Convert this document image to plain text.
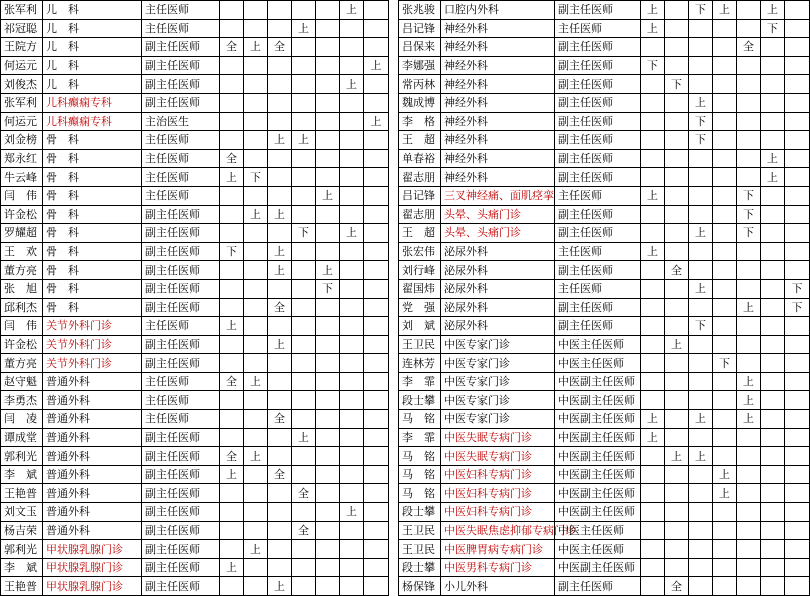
张军利	儿　科	主任医师						上			张兆骏	口腔内外科	副主任医师	上		下	上		上	
祁冠聪	儿　科	主任医师				上					吕记锋	神经外科	主任医师	上					下	
王院方	儿　科	副主任医师	全	上	全						吕保来	神经外科	副主任医师					全		
何运元	儿　科	副主任医师							上		李娜强	神经外科	副主任医师	下						
刘俊杰	儿　科	副主任医师						上			常丙林	神经外科	副主任医师		下					
张军利	儿科癫痫专科	副主任医师									魏成博	神经外科	副主任医师			上				
何运元	儿科癫痫专科	主治医生							上		李　格	神经外科	副主任医师			下				
刘金榜	骨　科	主任医师			上	上					王　超	神经外科	副主任医师			下				
郑永红	骨　科	主任医师	全								单春裕	神经外科	副主任医师						上	
牛云峰	骨　科	主任医师	上	下							翟志朋	神经外科	副主任医师						上	
闫　伟	骨　科	主任医师					上				吕记锋	三叉神经痛、面肌痉挛	主任医师	上				下		
许金松	骨　科	副主任医师		上	上						翟志朋	头晕、头痛门诊	副主任医师					下		
罗耀超	骨　科	副主任医师				下		上			王　超	头晕、头痛门诊	副主任医师			上		下		
王　欢	骨　科	副主任医师	下		上						张宏伟	泌尿外科	主任医师	上						
董方亮	骨　科	副主任医师			上		上				刘行峰	泌尿外科	副主任医师		全					
张　旭	骨　科	副主任医师					下				翟国炜	泌尿外科	主任医师			上				下
邱利杰	骨　科	副主任医师			全						党　强	泌尿外科	副主任医师					上		下
闫　伟	关节外科门诊	主任医师	上								刘　斌	泌尿外科	副主任医师			下				
许金松	关节外科门诊	副主任医师			上						王卫民	中医专家门诊	中医主任医师		上					
董方亮	关节外科门诊	副主任医师									连林芳	中医专家门诊	中医主任医师				下			
赵守魁	普通外科	主任医师	全	上							李　霏	中医专家门诊	中医副主任医师					上		
李勇杰	普通外科	主任医师									段士攀	中医专家门诊	中医副主任医师					上		
闫　凌	普通外科	主任医师			全						马　铭	中医专家门诊	中医副主任医师	上		上		上		
谭成堂	普通外科	副主任医师				上					李　霏	中医失眠专病门诊	中医副主任医师	上						
郭利光	普通外科	副主任医师	全	上							马　铭	中医失眠专病门诊	中医副主任医师		上	上				
李　斌	普通外科	副主任医师	上		全						马　铭	中医妇科专病门诊	中医副主任医师				上			
王艳普	普通外科	副主任医师				全					马　铭	中医妇科专病门诊	中医副主任医师				上			
刘文玉	普通外科	副主任医师						上			段士攀	中医妇科专病门诊	中医副主任医师							
杨吉荣	普通外科	副主任医师				全					王卫民	中医失眠焦虑抑郁专病门诊	中医主任医师							
郭利光	甲状腺乳腺门诊	副主任医师		上							王卫民	中医脾胃病专病门诊	中医主任医师							
李　斌	甲状腺乳腺门诊	副主任医师	上								段士攀	中医男科专病门诊	中医副主任医师							
王艳普	甲状腺乳腺门诊	副主任医师			上						杨保锋	小儿外科	副主任医师		全					
